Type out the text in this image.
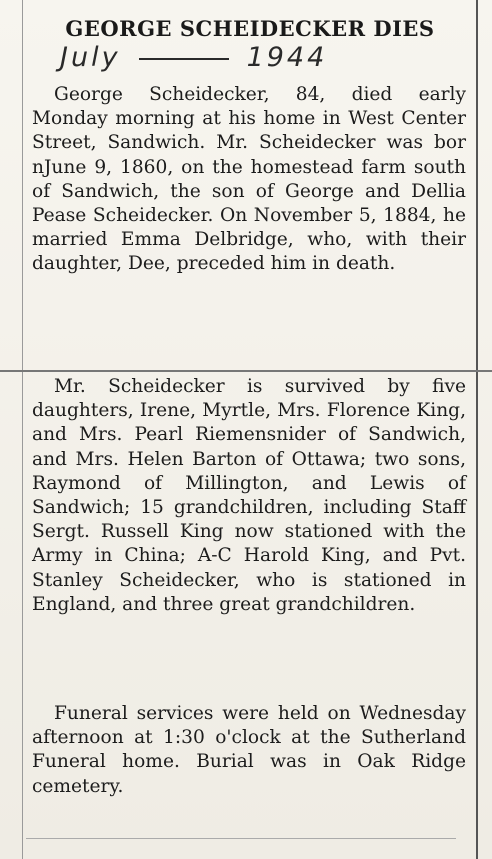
GEORGE SCHEIDECKER DIES
July	1944
George Scheidecker, 84, died early Monday morning at his home in West Center Street, Sandwich. Mr. Scheidecker was bor nJune 9, 1860, on the homestead farm south of Sandwich, the son of George and Dellia Pease Scheidecker. On November 5, 1884, he married Emma Delbridge, who, with their daughter, Dee, preceded him in death.
Mr. Scheidecker is survived by five daughters, Irene, Myrtle, Mrs. Florence King, and Mrs. Pearl Riemensnider of Sandwich, and Mrs. Helen Barton of Ottawa; two sons, Raymond of Millington, and Lewis of Sandwich; 15 grandchildren, including Staff Sergt. Russell King now stationed with the Army in China; A-C Harold King, and Pvt. Stanley Scheidecker, who is stationed in England, and three great grandchildren.
Funeral services were held on Wednesday afternoon at 1:30 o'clock at the Sutherland Funeral home. Burial was in Oak Ridge cemetery.
